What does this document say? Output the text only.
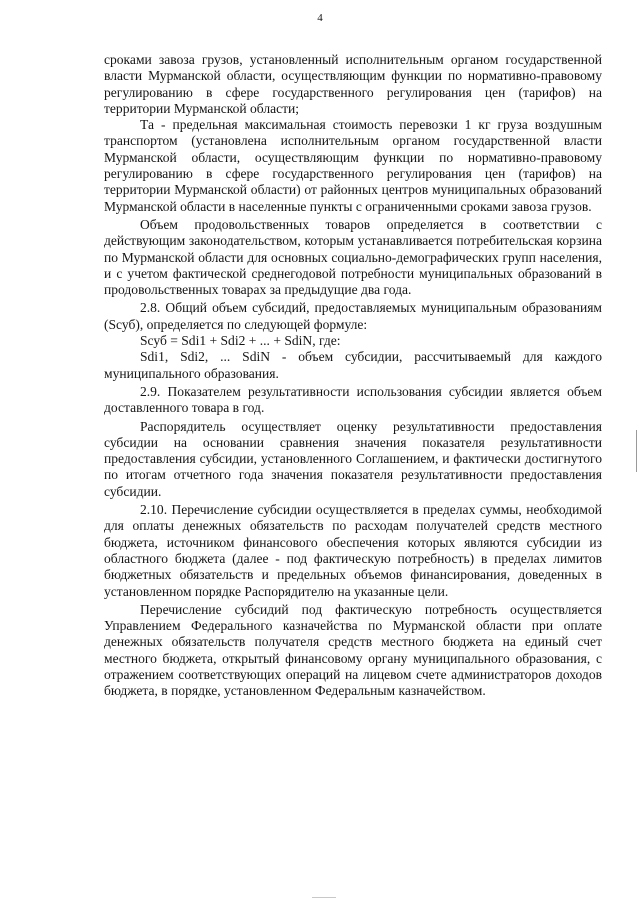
4

сроками завоза грузов, установленный исполнительным органом государственной власти Мурманской области, осуществляющим функции по нормативно-правовому регулированию в сфере государственного регулирования цен (тарифов) на территории Мурманской области;

Та - предельная максимальная стоимость перевозки 1 кг груза воздушным транспортом (установлена исполнительным органом государственной власти Мурманской области, осуществляющим функции по нормативно-правовому регулированию в сфере государственного регулирования цен (тарифов) на территории Мурманской области) от районных центров муниципальных образований Мурманской области в населенные пункты с ограниченными сроками завоза грузов.

Объем продовольственных товаров определяется в соответствии с действующим законодательством, которым устанавливается потребительская корзина по Мурманской области для основных социально-демографических групп населения, и с учетом фактической среднегодовой потребности муниципальных образований в продовольственных товарах за предыдущие два года.

2.8. Общий объем субсидий, предоставляемых муниципальным образованиям (Sсуб), определяется по следующей формуле:

Sсуб = Sdi1 + Sdi2 + ... + SdiN, где:

Sdi1, Sdi2, ... SdiN - объем субсидии, рассчитываемый для каждого муниципального образования.

2.9. Показателем результативности использования субсидии является объем доставленного товара в год.

Распорядитель осуществляет оценку результативности предоставления субсидии на основании сравнения значения показателя результативности предоставления субсидии, установленного Соглашением, и фактически достигнутого по итогам отчетного года значения показателя результативности предоставления субсидии.

2.10. Перечисление субсидии осуществляется в пределах суммы, необходимой для оплаты денежных обязательств по расходам получателей средств местного бюджета, источником финансового обеспечения которых являются субсидии из областного бюджета (далее - под фактическую потребность) в пределах лимитов бюджетных обязательств и предельных объемов финансирования, доведенных в установленном порядке Распорядителю на указанные цели.

Перечисление субсидий под фактическую потребность осуществляется Управлением Федерального казначейства по Мурманской области при оплате денежных обязательств получателя средств местного бюджета на единый счет местного бюджета, открытый финансовому органу муниципального образования, с отражением соответствующих операций на лицевом счете администраторов доходов бюджета, в порядке, установленном Федеральным казначейством.
